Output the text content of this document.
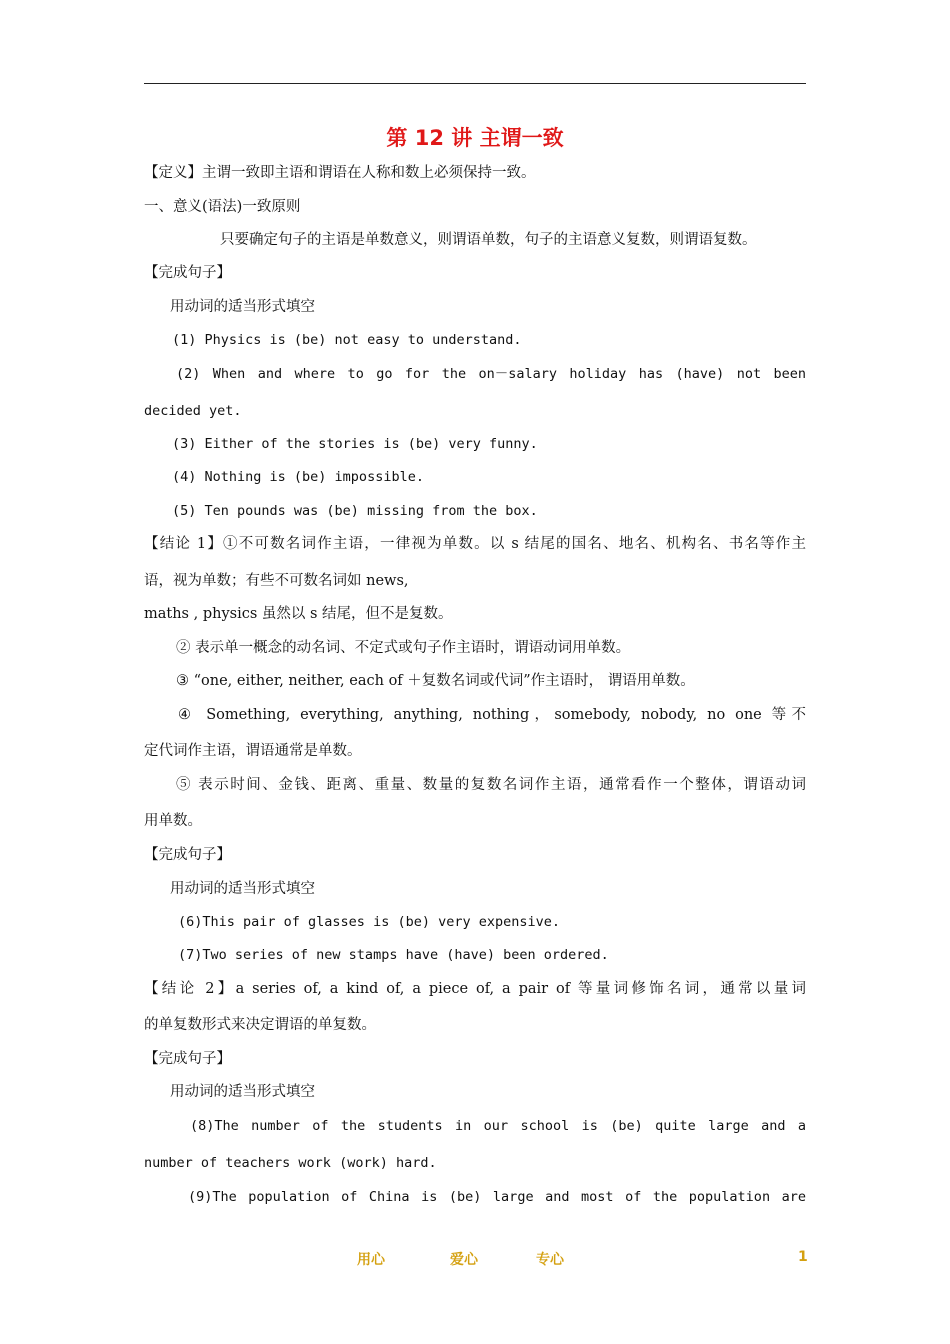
第 12 讲 主谓一致
【定义】主谓一致即主语和谓语在人称和数上必须保持一致。
一、意义(语法)一致原则
只要确定句子的主语是单数意义，则谓语单数，句子的主语意义复数，则谓语复数。
【完成句子】
用动词的适当形式填空
(1) Physics is (be) not easy to understand.
(2) When and where to go for the on－salary holiday has (have) not been
decided yet.
(3) Either of the stories is (be) very funny.
(4) Nothing is (be) impossible.
(5) Ten pounds was (be) missing from the box.
【结论 1】①不可数名词作主语，一律视为单数。以 s 结尾的国名、地名、机构名、书名等作主
语，视为单数；有些不可数名词如 news,
maths , physics 虽然以 s 结尾，但不是复数。
② 表示单一概念的动名词、不定式或句子作主语时，谓语动词用单数。
③ “one, either, neither, each of ＋复数名词或代词”作主语时， 谓语用单数。
④ Something, everything, anything, nothing，somebody, nobody, no one 等不
定代词作主语，谓语通常是单数。
⑤ 表示时间、金钱、距离、重量、数量的复数名词作主语，通常看作一个整体，谓语动词
用单数。
【完成句子】
用动词的适当形式填空
(6)This pair of glasses is (be) very expensive.
(7)Two series of new stamps have (have) been ordered.
【结论 2】a series of, a kind of, a piece of, a pair of 等量词修饰名词，通常以量词
的单复数形式来决定谓语的单复数。
【完成句子】
用动词的适当形式填空
(8)The number of the students in our school is (be) quite large and a
number of teachers work (work) hard.
(9)The population of China is (be) large and most of the population are
用心	爱心	专心	1
